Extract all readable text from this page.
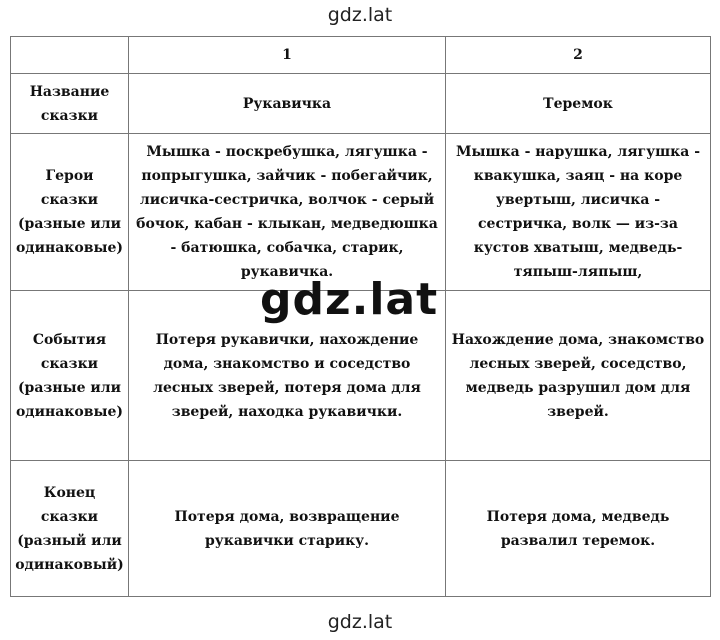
gdz.lat
	1	2
Название сказки	Рукавичка	Теремок
Герои сказки (разные или одинаковые)	Мышка - поскребушка, лягушка - попрыгушка, зайчик - побегайчик, лисичка-сестричка, волчок - серый бочок, кабан - клыкан, медведюшка - батюшка, собачка, старик, рукавичка.	Мышка - нарушка, лягушка - квакушка, заяц - на коре увертыш, лисичка - сестричка, волк — из-за кустов хватыш, медведь-тяпыш-ляпыш,
События сказки (разные или одинаковые)	Потеря рукавички, нахождение дома, знакомство и соседство лесных зверей, потеря дома для зверей, находка рукавички.	Нахождение дома, знакомство лесных зверей, соседство, медведь разрушил дом для зверей.
Конец сказки (разный или одинаковый)	Потеря дома, возвращение рукавички старику.	Потеря дома, медведь развалил теремок.
gdz.lat
gdz.lat
